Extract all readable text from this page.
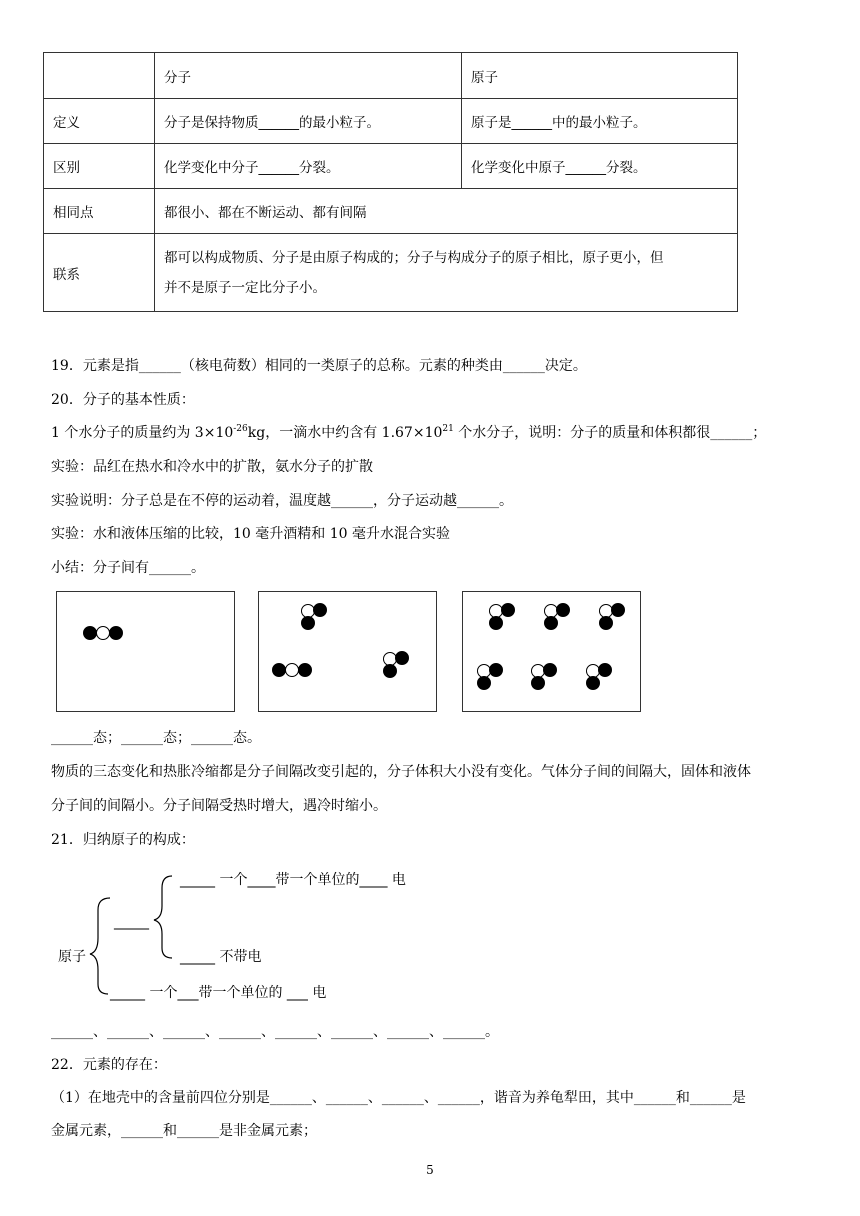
	分子	原子
定义	分子是保持物质______的最小粒子。	原子是______中的最小粒子。
区别	化学变化中分子______分裂。	化学变化中原子______分裂。
相同点	都很小、都在不断运动、都有间隔	
联系	都可以构成物质、分子是由原子构成的；分子与构成分子的原子相比，原子更小，但
并不是原子一定比分子小。	
19．元素是指______（核电荷数）相同的一类原子的总称。元素的种类由______决定。
20．分子的基本性质：
1 个水分子的质量约为 $3\times 10^{-26}kg$，一滴水中约含有 $1.67\times 10^{21}$ 个水分子，说明：分子的质量和体积都很______；
实验：品红在热水和冷水中的扩散，氨水分子的扩散
实验说明：分子总是在不停的运动着，温度越______，分子运动越______。
实验：水和液体压缩的比较，10 毫升酒精和 10 毫升水混合实验
小结：分子间有______。
______态；______态；______态。
物质的三态变化和热胀冷缩都是分子间隔改变引起的，分子体积大小没有变化。气体分子间的间隔大，固体和液体
分子间的间隔小。分子间隔受热时增大，遇冷时缩小。
21．归纳原子的构成：
原子
_____ 一个____带一个单位的____ 电
_____
_____ 不带电
_____ 一个___带一个单位的 ___ 电
______、______、______、______、______、______、______、______。
22．元素的存在：
（1）在地壳中的含量前四位分别是______、______、______、______，谐音为养龟犁田，其中______和______是
金属元素，______和______是非金属元素；
5
